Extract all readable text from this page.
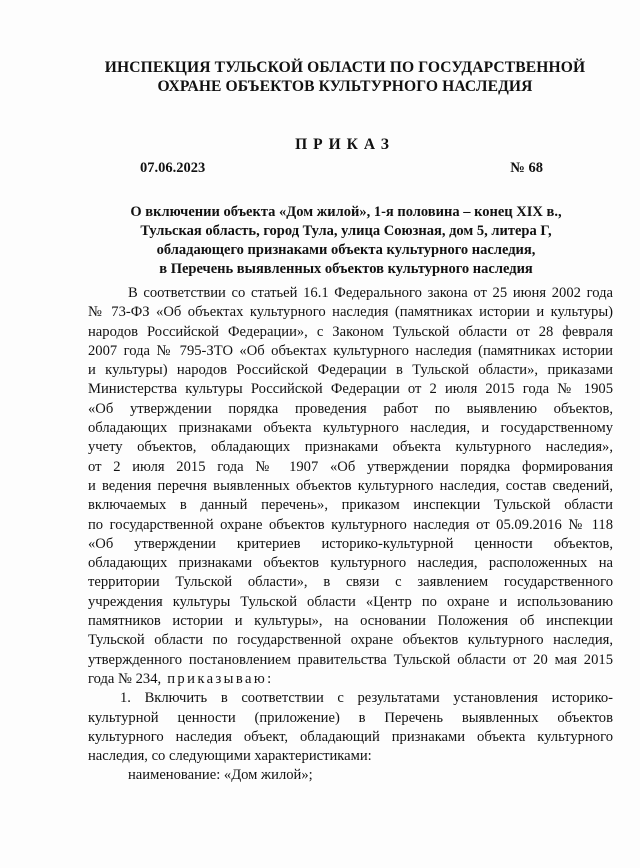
ИНСПЕКЦИЯ ТУЛЬСКОЙ ОБЛАСТИ ПО ГОСУДАРСТВЕННОЙ
ОХРАНЕ ОБЪЕКТОВ КУЛЬТУРНОГО НАСЛЕДИЯ
ПРИКАЗ
07.06.2023	№ 68
О включении объекта «Дом жилой», 1-я половина – конец XIX в.,
Тульская область, город Тула, улица Союзная, дом 5, литера Г,
обладающего признаками объекта культурного наследия,
в Перечень выявленных объектов культурного наследия
В соответствии со статьей 16.1 Федерального закона от 25 июня 2002 года
№ 73-ФЗ «Об объектах культурного наследия (памятниках истории и культуры)
народов Российской Федерации», с Законом Тульской области от 28 февраля
2007 года № 795-ЗТО «Об объектах культурного наследия (памятниках истории
и культуры) народов Российской Федерации в Тульской области», приказами
Министерства культуры Российской Федерации от 2 июля 2015 года № 1905
«Об утверждении порядка проведения работ по выявлению объектов,
обладающих признаками объекта культурного наследия, и государственному
учету объектов, обладающих признаками объекта культурного наследия»,
от 2 июля 2015 года № 1907 «Об утверждении порядка формирования
и ведения перечня выявленных объектов культурного наследия, состав сведений,
включаемых в данный перечень», приказом инспекции Тульской области
по государственной охране объектов культурного наследия от 05.09.2016 № 118
«Об утверждении критериев историко-культурной ценности объектов,
обладающих признаками объектов культурного наследия, расположенных на
территории Тульской области», в связи с заявлением государственного
учреждения культуры Тульской области «Центр по охране и использованию
памятников истории и культуры», на основании Положения об инспекции
Тульской области по государственной охране объектов культурного наследия,
утвержденного постановлением правительства Тульской области от 20 мая 2015
года № 234, приказываю:
1. Включить в соответствии с результатами установления историко-
культурной ценности (приложение) в Перечень выявленных объектов
культурного наследия объект, обладающий признаками объекта культурного
наследия, со следующими характеристиками:
наименование: «Дом жилой»;
